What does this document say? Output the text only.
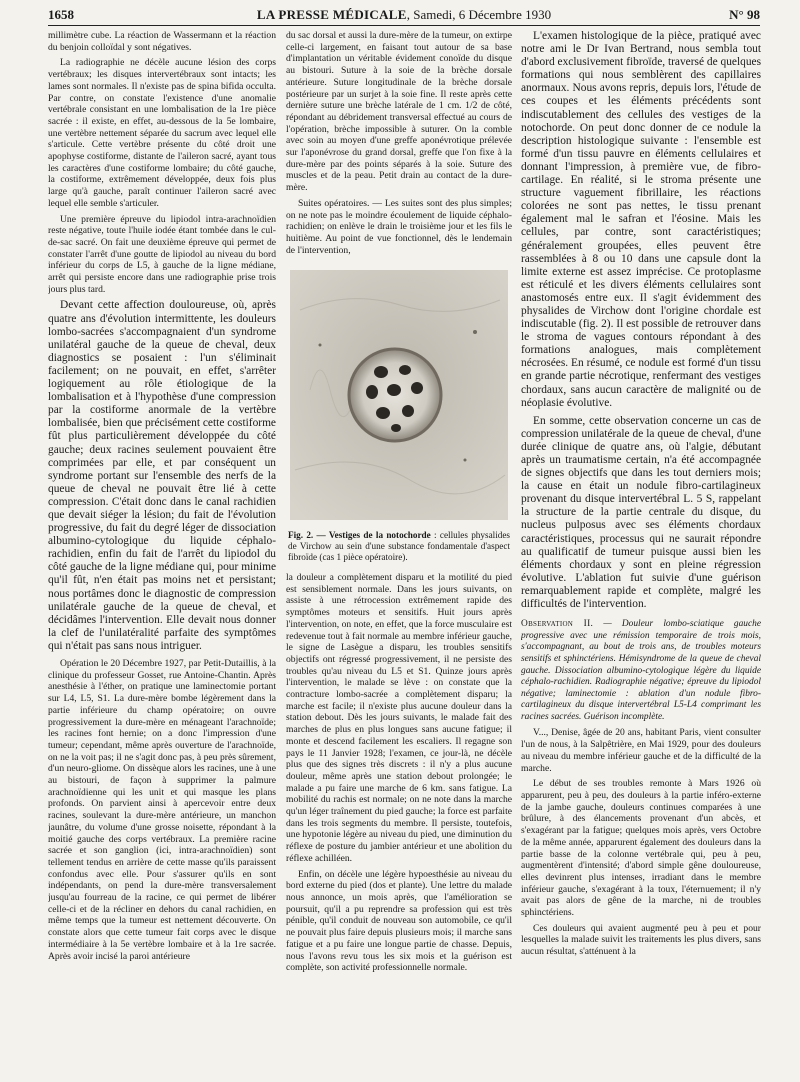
1658	LA PRESSE MÉDICALE, Samedi, 6 Décembre 1930	N° 98

millimètre cube. La réaction de Wassermann et la réaction du benjoin colloïdal y sont négatives.

La radiographie ne décèle aucune lésion des corps vertébraux; les disques intervertébraux sont intacts; les lames sont normales. Il n'existe pas de spina bifida occulta. Par contre, on constate l'existence d'une anomalie vertébrale consistant en une lombalisation de la 1re pièce sacrée : il existe, en effet, au-dessous de la 5e lombaire, une vertèbre nettement séparée du sacrum avec lequel elle s'articule. Cette vertèbre présente du côté droit une apophyse costiforme, distante de l'aileron sacré, ayant tous les caractères d'une costiforme lombaire; du côté gauche, la costiforme, extrêmement développée, deux fois plus large qu'à gauche, paraît continuer l'aileron sacré avec lequel elle semble s'articuler.

Une première épreuve du lipiodol intra-arachnoïdien reste négative, toute l'huile iodée étant tombée dans le cul-de-sac sacré. On fait une deuxième épreuve qui permet de constater l'arrêt d'une goutte de lipiodol au niveau du bord inférieur du corps de L5, à gauche de la ligne médiane, arrêt qui persiste encore dans une radiographie prise trois jours plus tard.

Devant cette affection douloureuse, où, après quatre ans d'évolution intermittente, les douleurs lombo-sacrées s'accompagnaient d'un syndrome unilatéral gauche de la queue de cheval, deux diagnostics se posaient : l'un s'éliminait facilement; on ne pouvait, en effet, s'arrêter logiquement au rôle étiologique de la lombalisation et à l'hypothèse d'une compression par la costiforme anormale de la vertèbre lombalisée, bien que précisément cette costiforme fût plus particulièrement développée du côté gauche; deux racines seulement pouvaient être comprimées par elle, et par conséquent un syndrome portant sur l'ensemble des nerfs de la queue de cheval ne pouvait être lié à cette compression. C'était donc dans le canal rachidien que devait siéger la lésion; du fait de l'évolution progressive, du fait du degré léger de dissociation albumino-cytologique du liquide céphalo-rachidien, enfin du fait de l'arrêt du lipiodol du côté gauche de la ligne médiane qui, pour minime qu'il fût, n'en était pas moins net et persistant; nous portâmes donc le diagnostic de compression unilatérale gauche de la queue de cheval, et décidâmes l'intervention. Elle devait nous donner la clef de l'unilatéralité parfaite des symptômes qui n'était pas sans nous intriguer.

Opération le 20 Décembre 1927, par Petit-Dutaillis, à la clinique du professeur Gosset, rue Antoine-Chantin. Après anesthésie à l'éther, on pratique une laminectomie portant sur L4, L5, S1. La dure-mère bombe légèrement dans la partie inférieure du champ opératoire; on ouvre progressivement la dure-mère en ménageant l'arachnoïde; les racines font hernie; on a donc l'impression d'une tumeur; cependant, même après ouverture de l'arachnoïde, on ne la voit pas; il ne s'agit donc pas, à peu près sûrement, d'un neuro-gliome. On dissèque alors les racines, une à une au bistouri, de façon à supprimer la palmure arachnoïdienne qui les unit et qui masque les plans profonds. On parvient ainsi à apercevoir entre deux racines, soulevant la dure-mère antérieure, un manchon jaunâtre, du volume d'une grosse noisette, répondant à la moitié gauche des corps vertébraux. La première racine sacrée et son ganglion (ici, intra-arachnoïdien) sont tellement tendus en arrière de cette masse qu'ils paraissent confondus avec elle. Pour s'assurer qu'ils en sont indépendants, on pend la dure-mère transversalement jusqu'au fourreau de la racine, ce qui permet de libérer celle-ci et de la récliner en dehors du canal rachidien, en même temps que la tumeur est nettement découverte. On constate alors que cette tumeur fait corps avec le disque intermédiaire à la 5e vertèbre lombaire et à la 1re sacrée. Après avoir incisé la paroi antérieure

du sac dorsal et aussi la dure-mère de la tumeur, on extirpe celle-ci largement, en faisant tout autour de sa base d'implantation un véritable évidement conoïde du disque au bistouri. Suture à la soie de la brèche dorsale antérieure. Suture longitudinale de la brèche dorsale postérieure par un surjet à la soie fine. Il reste après cette dernière suture une brèche latérale de 1 cm. 1/2 de côté, répondant au débridement transversal effectué au cours de l'opération, brèche impossible à suturer. On la comble avec soin au moyen d'une greffe aponévrotique prélevée sur l'aponévrose du grand dorsal, greffe que l'on fixe à la dure-mère par des points séparés à la soie. Suture des muscles et de la peau. Petit drain au contact de la dure-mère.

Suites opératoires. — Les suites sont des plus simples; on ne note pas le moindre écoulement de liquide céphalo-rachidien; on enlève le drain le troisième jour et les fils le huitième. Au point de vue fonctionnel, dès le lendemain de l'intervention,

Fig. 2. — Vestiges de la notochorde : cellules physalides de Virchow au sein d'une substance fondamentale d'aspect fibroïde (cas 1 pièce opératoire).

la douleur a complètement disparu et la motilité du pied est sensiblement normale. Dans les jours suivants, on assiste à une rétrocession extrêmement rapide des symptômes moteurs et sensitifs. Huit jours après l'intervention, on note, en effet, que la force musculaire est redevenue tout à fait normale au membre inférieur gauche, le signe de Lasègue a disparu, les troubles sensitifs objectifs ont régressé progressivement, il ne persiste des troubles qu'au niveau du L5 et S1. Quinze jours après l'intervention, le malade se lève : on constate que la contracture lombo-sacrée a complètement disparu; la marche est facile; il n'existe plus aucune douleur dans la station debout. Dès les jours suivants, le malade fait des marches de plus en plus longues sans aucune fatigue; il monte et descend facilement les escaliers. Il regagne son pays le 11 Janvier 1928; l'examen, ce jour-là, ne décèle plus que des signes très discrets : il n'y a plus aucune douleur, même après une station debout prolongée; le malade a pu faire une marche de 6 km. sans fatigue. La mobilité du rachis est normale; on ne note dans la marche qu'un léger traînement du pied gauche; la force est parfaite dans les trois segments du membre. Il persiste, toutefois, une hypotonie légère au niveau du pied, une diminution du réflexe de posture du jambier antérieur et une abolition du réflexe achilléen.

Enfin, on décèle une légère hypoesthésie au niveau du bord externe du pied (dos et plante). Une lettre du malade nous annonce, un mois après, que l'amélioration se poursuit, qu'il a pu reprendre sa profession qui est très pénible, qu'il conduit de nouveau son automobile, ce qu'il ne pouvait plus faire depuis plusieurs mois; il marche sans fatigue et a pu faire une longue partie de chasse. Depuis, nous l'avons revu tous les six mois et la guérison est complète, son activité professionnelle normale.

L'examen histologique de la pièce, pratiqué avec notre ami le Dr Ivan Bertrand, nous sembla tout d'abord exclusivement fibroïde, traversé de quelques formations qui nous semblèrent des capillaires anormaux. Nous avons repris, depuis lors, l'étude de ces coupes et les éléments précédents sont indiscutablement des cellules des vestiges de la notochorde. On peut donc donner de ce nodule la description histologique suivante : l'ensemble est formé d'un tissu pauvre en éléments cellulaires et donnant l'impression, à première vue, de fibro-cartilage. En réalité, si le stroma présente une structure vaguement fibrillaire, les réactions colorées ne sont pas nettes, le tissu prenant également mal le safran et l'éosine. Mais les cellules, par contre, sont caractéristiques; généralement groupées, elles peuvent être rassemblées à 8 ou 10 dans une capsule dont la limite externe est assez imprécise. Ce protoplasme est réticulé et les divers éléments cellulaires sont anastomosés entre eux. Il s'agit évidemment des physalides de Virchow dont l'origine chordale est indiscutable (fig. 2). Il est possible de retrouver dans le stroma de vagues contours répondant à des formations analogues, mais complètement nécrosées. En résumé, ce nodule est formé d'un tissu en grande partie nécrotique, renfermant des vestiges chordaux, sans aucun caractère de malignité ou de néoplasie évolutive.

En somme, cette observation concerne un cas de compression unilatérale de la queue de cheval, d'une durée clinique de quatre ans, où l'algie, débutant après un traumatisme certain, n'a été accompagnée de signes objectifs que dans les tout derniers mois; la cause en était un nodule fibro-cartilagineux provenant du disque intervertébral L. 5 S, rappelant la structure de la partie centrale du disque, du nucleus pulposus avec ses éléments chordaux caractéristiques, processus qui ne saurait répondre au qualificatif de tumeur puisque aussi bien les éléments chordaux y sont en pleine régression évolutive. L'ablation fut suivie d'une guérison remarquablement rapide et complète, malgré les difficultés de l'intervention.

Observation II. — Douleur lombo-sciatique gauche progressive avec une rémission temporaire de trois mois, s'accompagnant, au bout de trois ans, de troubles moteurs sensitifs et sphinctériens. Hémisyndrome de la queue de cheval gauche. Dissociation albumino-cytologique légère du liquide céphalo-rachidien. Radiographie négative; épreuve du lipiodol négative; laminectomie : ablation d'un nodule fibro-cartilagineux du disque intervertébral L5-L4 comprimant les racines sacrées. Guérison incomplète.

V..., Denise, âgée de 20 ans, habitant Paris, vient consulter l'un de nous, à la Salpêtrière, en Mai 1929, pour des douleurs au niveau du membre inférieur gauche et de la difficulté de la marche.

Le début de ses troubles remonte à Mars 1926 où apparurent, peu à peu, des douleurs à la partie inféro-externe de la jambe gauche, douleurs continues comparées à une brûlure, à des élancements provenant d'un abcès, et s'exagérant par la fatigue; quelques mois après, vers Octobre de la même année, apparurent également des douleurs dans la partie basse de la colonne vertébrale qui, peu à peu, augmentèrent d'intensité; d'abord simple gêne douloureuse, elles devinrent plus intenses, irradiant dans le membre inférieur gauche, s'exagérant à la toux, l'éternuement; il n'y avait pas alors de gêne de la marche, ni de troubles sphinctériens.

Ces douleurs qui avaient augmenté peu à peu et pour lesquelles la malade suivit les traitements les plus divers, sans aucun résultat, s'atténuent à la
